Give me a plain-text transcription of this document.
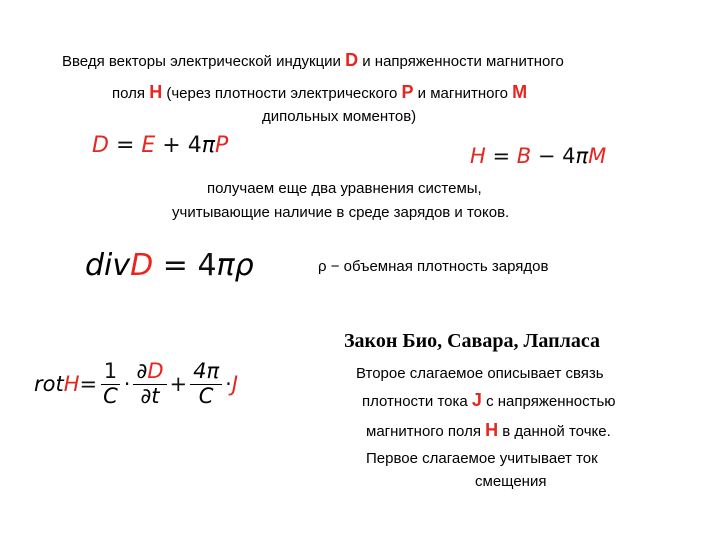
Введя векторы электрической индукции D и напряженности магнитного
поля H (через плотности электрического P и магнитного M
дипольных моментов)
D = E + 4πP	H = B − 4πM
получаем еще два уравнения системы,
учитывающие наличие в среде зарядов и токов.
divD = 4πρ	ρ − объемная плотность зарядов
Закон Био, Савара, Лапласа
rot $H = \frac{1}{C} \cdot \frac{\partial D}{\partial t} + \frac{4\pi}{C} \cdot J$	Второе слагаемое описывает связь
плотности тока J с напряженностью
магнитного поля H в данной точке.
Первое слагаемое учитывает ток
смещения
